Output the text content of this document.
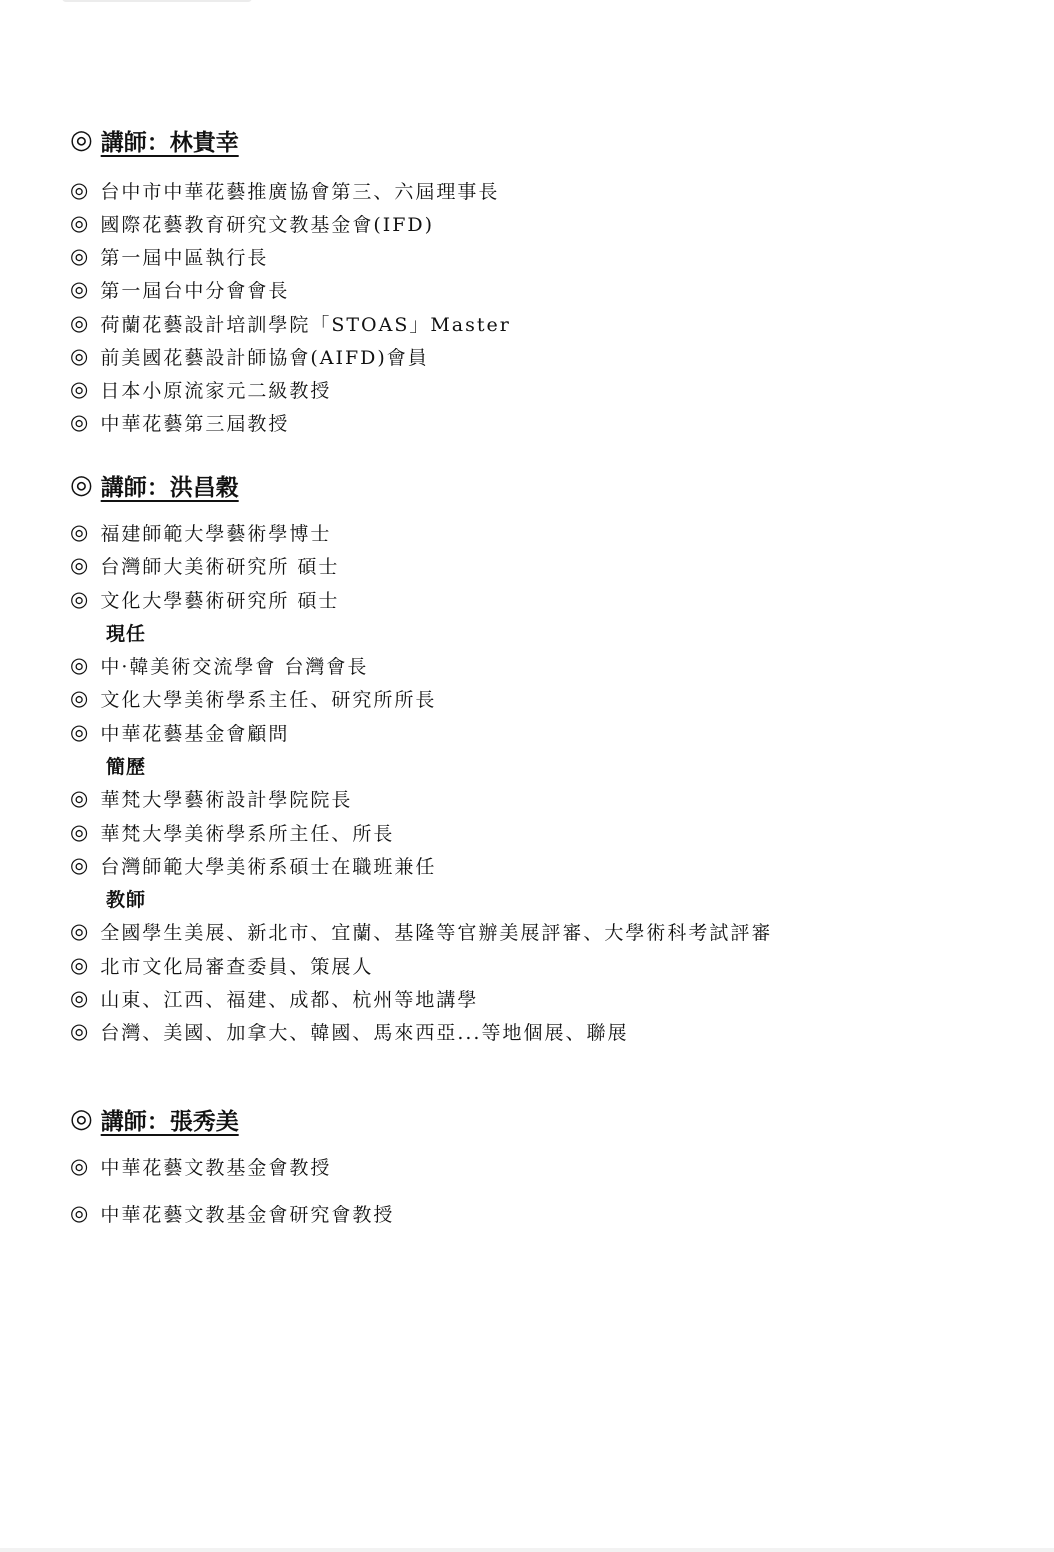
◎ 講師：林貴幸
◎ 台中市中華花藝推廣協會第三、六屆理事長
◎ 國際花藝教育研究文教基金會(IFD)
◎ 第一屆中區執行長
◎ 第一屆台中分會會長
◎ 荷蘭花藝設計培訓學院「STOAS」Master
◎ 前美國花藝設計師協會(AIFD)會員
◎ 日本小原流家元二級教授
◎ 中華花藝第三屆教授
◎ 講師：洪昌穀
◎ 福建師範大學藝術學博士
◎ 台灣師大美術研究所 碩士
◎ 文化大學藝術研究所 碩士
現任
◎ 中·韓美術交流學會 台灣會長
◎ 文化大學美術學系主任、研究所所長
◎ 中華花藝基金會顧問
簡歷
◎ 華梵大學藝術設計學院院長
◎ 華梵大學美術學系所主任、所長
◎ 台灣師範大學美術系碩士在職班兼任
教師
◎ 全國學生美展、新北市、宜蘭、基隆等官辦美展評審、大學術科考試評審
◎ 北市文化局審查委員、策展人
◎ 山東、江西、福建、成都、杭州等地講學
◎ 台灣、美國、加拿大、韓國、馬來西亞...等地個展、聯展
◎ 講師：張秀美
◎ 中華花藝文教基金會教授
◎ 中華花藝文教基金會研究會教授
